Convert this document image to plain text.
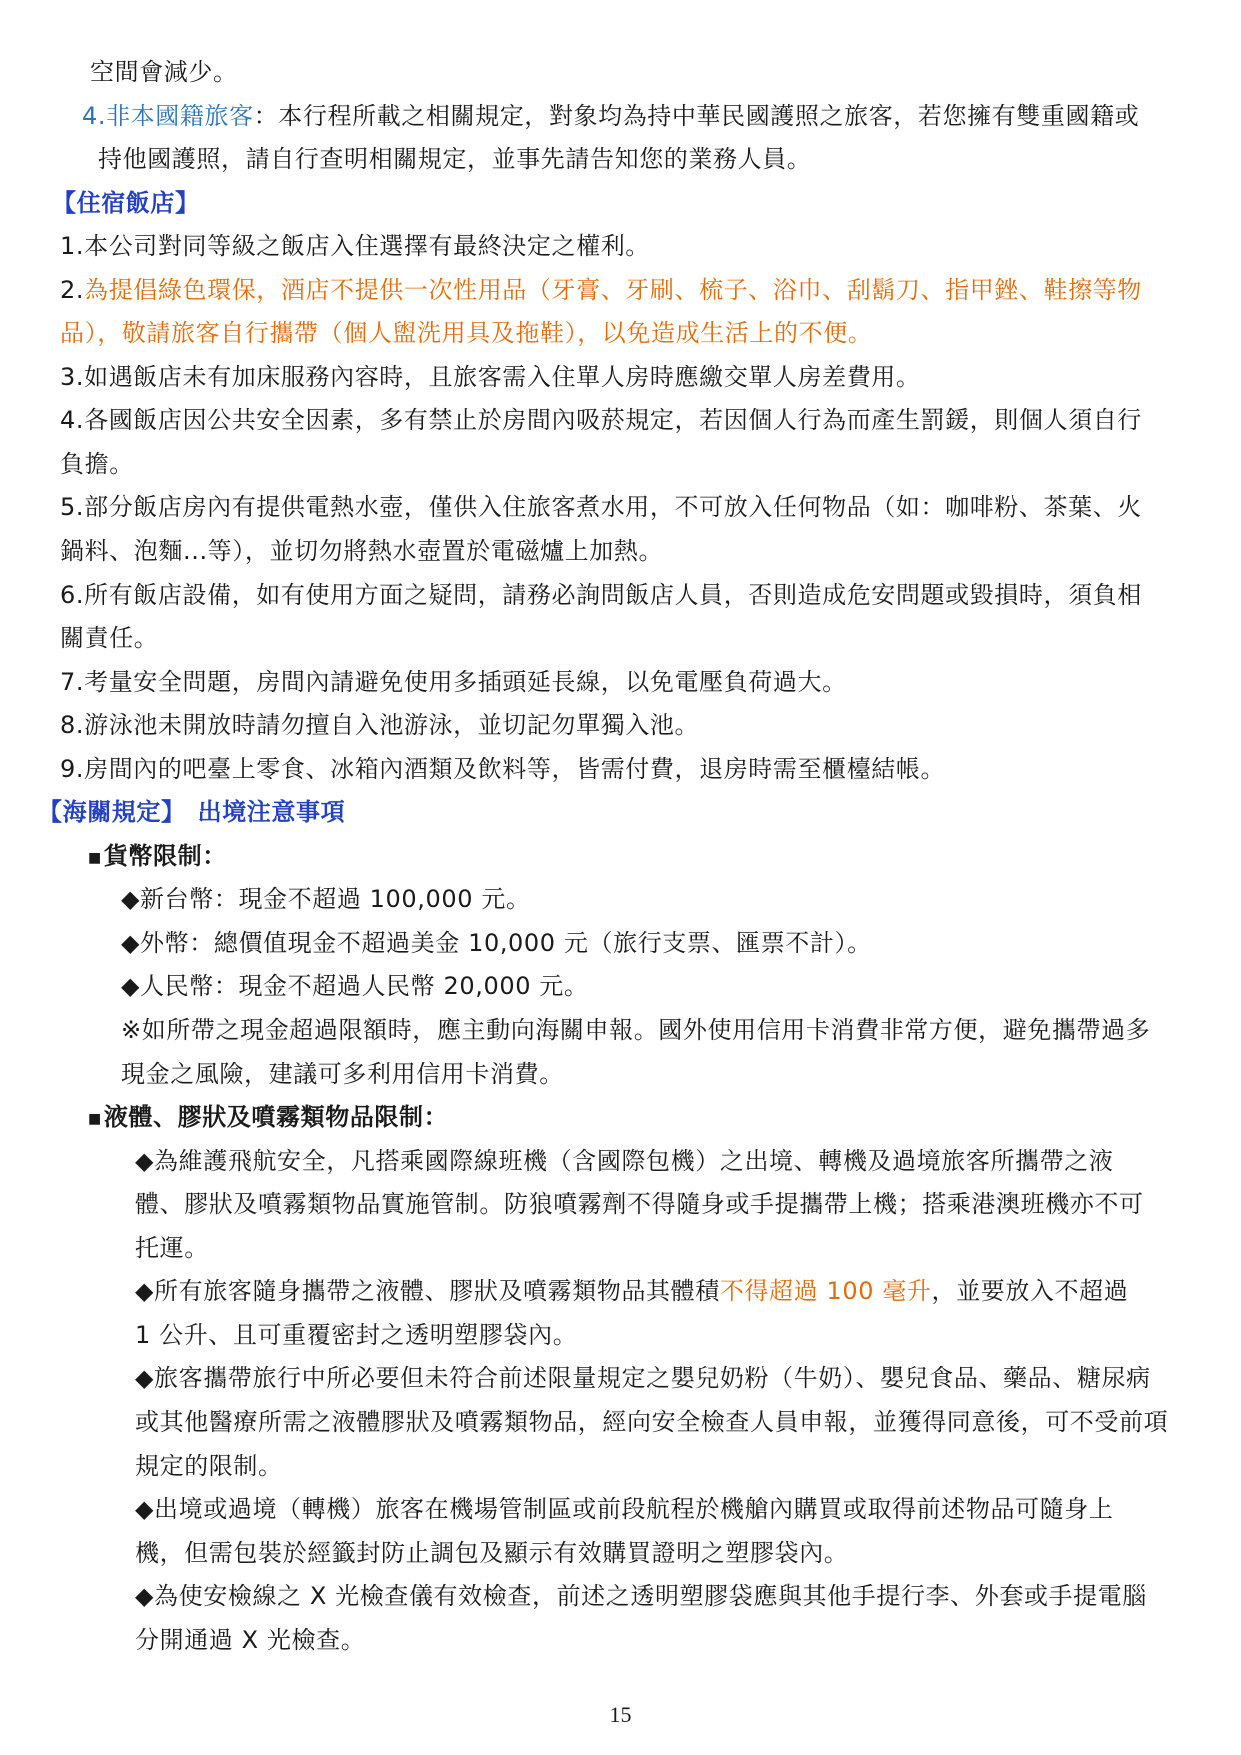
空間會減少。
4.非本國籍旅客：本行程所載之相關規定，對象均為持中華民國護照之旅客，若您擁有雙重國籍或
持他國護照，請自行查明相關規定，並事先請告知您的業務人員。
【住宿飯店】
1.本公司對同等級之飯店入住選擇有最終決定之權利。
2.為提倡綠色環保，酒店不提供一次性用品（牙膏、牙刷、梳子、浴巾、刮鬍刀、指甲銼、鞋擦等物
品），敬請旅客自行攜帶（個人盥洗用具及拖鞋），以免造成生活上的不便。
3.如遇飯店未有加床服務內容時，且旅客需入住單人房時應繳交單人房差費用。
4.各國飯店因公共安全因素，多有禁止於房間內吸菸規定，若因個人行為而產生罰鍰，則個人須自行
負擔。
5.部分飯店房內有提供電熱水壺，僅供入住旅客煮水用，不可放入任何物品（如：咖啡粉、茶葉、火
鍋料、泡麵...等），並切勿將熱水壺置於電磁爐上加熱。
6.所有飯店設備，如有使用方面之疑問，請務必詢問飯店人員，否則造成危安問題或毀損時，須負相
關責任。
7.考量安全問題，房間內請避免使用多插頭延長線，以免電壓負荷過大。
8.游泳池未開放時請勿擅自入池游泳，並切記勿單獨入池。
9.房間內的吧臺上零食、冰箱內酒類及飲料等，皆需付費，退房時需至櫃檯結帳。
【海關規定】 出境注意事項
■貨幣限制：
◆新台幣：現金不超過 100,000 元。
◆外幣：總價值現金不超過美金 10,000 元（旅行支票、匯票不計）。
◆人民幣：現金不超過人民幣 20,000 元。
※如所帶之現金超過限額時，應主動向海關申報。國外使用信用卡消費非常方便，避免攜帶過多
現金之風險，建議可多利用信用卡消費。
■液體、膠狀及噴霧類物品限制：
◆為維護飛航安全，凡搭乘國際線班機（含國際包機）之出境、轉機及過境旅客所攜帶之液
體、膠狀及噴霧類物品實施管制。防狼噴霧劑不得隨身或手提攜帶上機；搭乘港澳班機亦不可
托運。
◆所有旅客隨身攜帶之液體、膠狀及噴霧類物品其體積不得超過 100 毫升，並要放入不超過
1 公升、且可重覆密封之透明塑膠袋內。
◆旅客攜帶旅行中所必要但未符合前述限量規定之嬰兒奶粉（牛奶）、嬰兒食品、藥品、糖尿病
或其他醫療所需之液體膠狀及噴霧類物品，經向安全檢查人員申報，並獲得同意後，可不受前項
規定的限制。
◆出境或過境（轉機）旅客在機場管制區或前段航程於機艙內購買或取得前述物品可隨身上
機，但需包裝於經籤封防止調包及顯示有效購買證明之塑膠袋內。
◆為使安檢線之 X 光檢查儀有效檢查，前述之透明塑膠袋應與其他手提行李、外套或手提電腦
分開通過 X 光檢查。
15
